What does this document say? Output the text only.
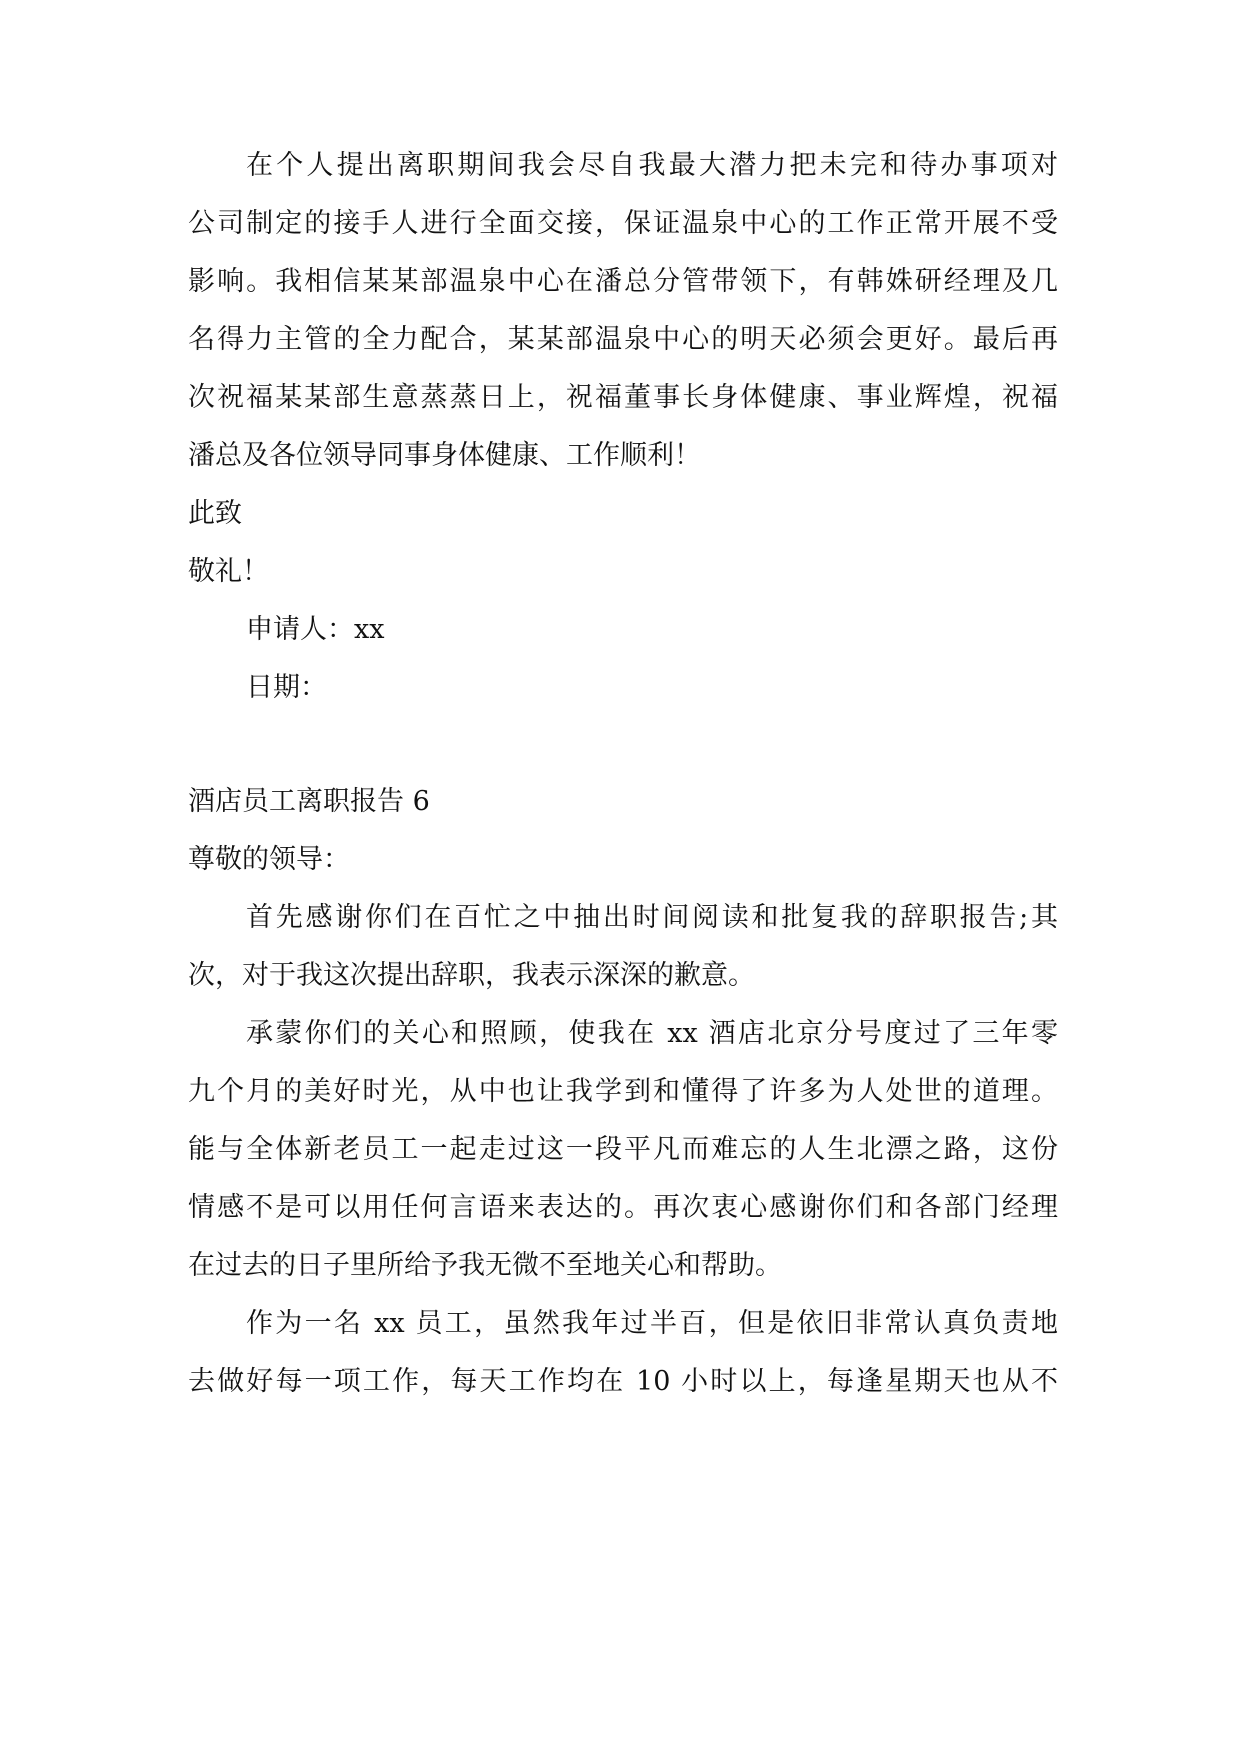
在个人提出离职期间我会尽自我最大潜力把未完和待办事项对
公司制定的接手人进行全面交接，保证温泉中心的工作正常开展不受
影响。我相信某某部温泉中心在潘总分管带领下，有韩姝研经理及几
名得力主管的全力配合，某某部温泉中心的明天必须会更好。最后再
次祝福某某部生意蒸蒸日上，祝福董事长身体健康、事业辉煌，祝福
潘总及各位领导同事身体健康、工作顺利！
此致
敬礼！
申请人：xx
日期：
酒店员工离职报告 6
尊敬的领导：
首先感谢你们在百忙之中抽出时间阅读和批复我的辞职报告;其
次，对于我这次提出辞职，我表示深深的歉意。
承蒙你们的关心和照顾，使我在 xx 酒店北京分号度过了三年零
九个月的美好时光，从中也让我学到和懂得了许多为人处世的道理。
能与全体新老员工一起走过这一段平凡而难忘的人生北漂之路，这份
情感不是可以用任何言语来表达的。再次衷心感谢你们和各部门经理
在过去的日子里所给予我无微不至地关心和帮助。
作为一名 xx 员工，虽然我年过半百，但是依旧非常认真负责地
去做好每一项工作，每天工作均在 10 小时以上，每逢星期天也从不
